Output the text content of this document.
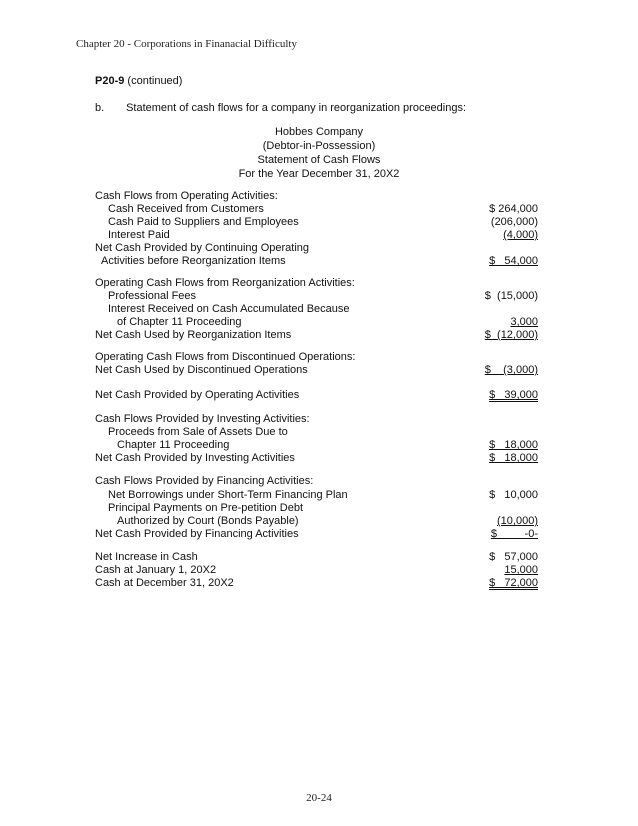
Chapter 20 - Corporations in Finanacial Difficulty
P20-9 (continued)
b. Statement of cash flows for a company in reorganization proceedings:
Hobbes Company
(Debtor-in-Possession)
Statement of Cash Flows
For the Year December 31, 20X2
Cash Flows from Operating Activities:
Cash Received from Customers	$ 264,000
Cash Paid to Suppliers and Employees	(206,000)
Interest Paid	(4,000)
Net Cash Provided by Continuing Operating
Activities before Reorganization Items	$   54,000
Operating Cash Flows from Reorganization Activities:
Professional Fees	$  (15,000)
Interest Received on Cash Accumulated Because
of Chapter 11 Proceeding	3,000
Net Cash Used by Reorganization Items	$  (12,000)
Operating Cash Flows from Discontinued Operations:
Net Cash Used by Discontinued Operations	$    (3,000)
Net Cash Provided by Operating Activities	$   39,000
Cash Flows Provided by Investing Activities:
Proceeds from Sale of Assets Due to
Chapter 11 Proceeding	$   18,000
Net Cash Provided by Investing Activities	$   18,000
Cash Flows Provided by Financing Activities:
Net Borrowings under Short-Term Financing Plan	$   10,000
Principal Payments on Pre-petition Debt
Authorized by Court (Bonds Payable)	(10,000)
Net Cash Provided by Financing Activities	$         -0-
Net Increase in Cash	$   57,000
Cash at January 1, 20X2	15,000
Cash at December 31, 20X2	$   72,000
20-24
